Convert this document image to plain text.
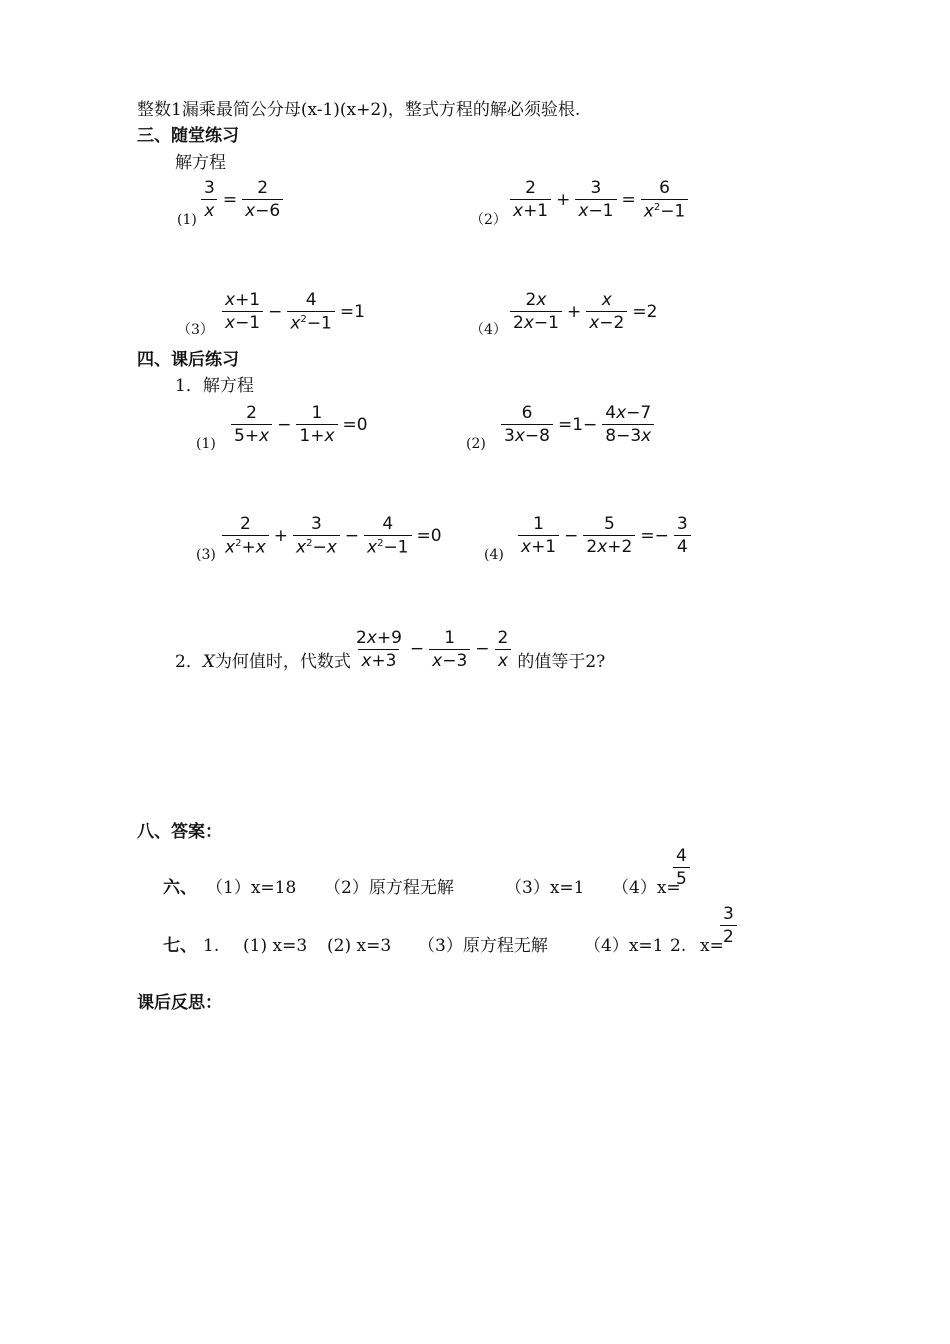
整数1漏乘最简公分母(x-1)(x+2)，整式方程的解必须验根.
三、随堂练习
解方程
$(1) \frac{3}{x} = \frac{2}{x-6}$	$(2) \frac{2}{x+1} + \frac{3}{x-1} = \frac{6}{x^2-1}$
$(3) \frac{x+1}{x-1} - \frac{4}{x^2-1} =1$
$(4) \frac{2x}{2x-1} + \frac{x}{x-2} =2$
四、课后练习
1．解方程
$(1) \frac{2}{5+x} - \frac{1}{1+x} =0$
$(2) \frac{6}{3x-8} =1- \frac{4x-7}{8-3x}$
$(3) \frac{2}{x^2+x} + \frac{3}{x^2-x} - \frac{4}{x^2-1} =0$
$(4) \frac{1}{x+1} - \frac{5}{2x+2} =- \frac{3}{4}$
2． X 为何值时，代数式 $\frac{2x+9}{x+3} - \frac{1}{x-3} - \frac{2}{x}$ 的值等于2?
八、答案：
六、 （1）x=18 （2）原方程无解	（3）x=1 （4）x=
$\frac{4}{5}$
七、 1. (1) x=3 (2) x=3 （3）原方程无解 （4）x=1 2. x=
$\frac{3}{2}$
课后反思：
